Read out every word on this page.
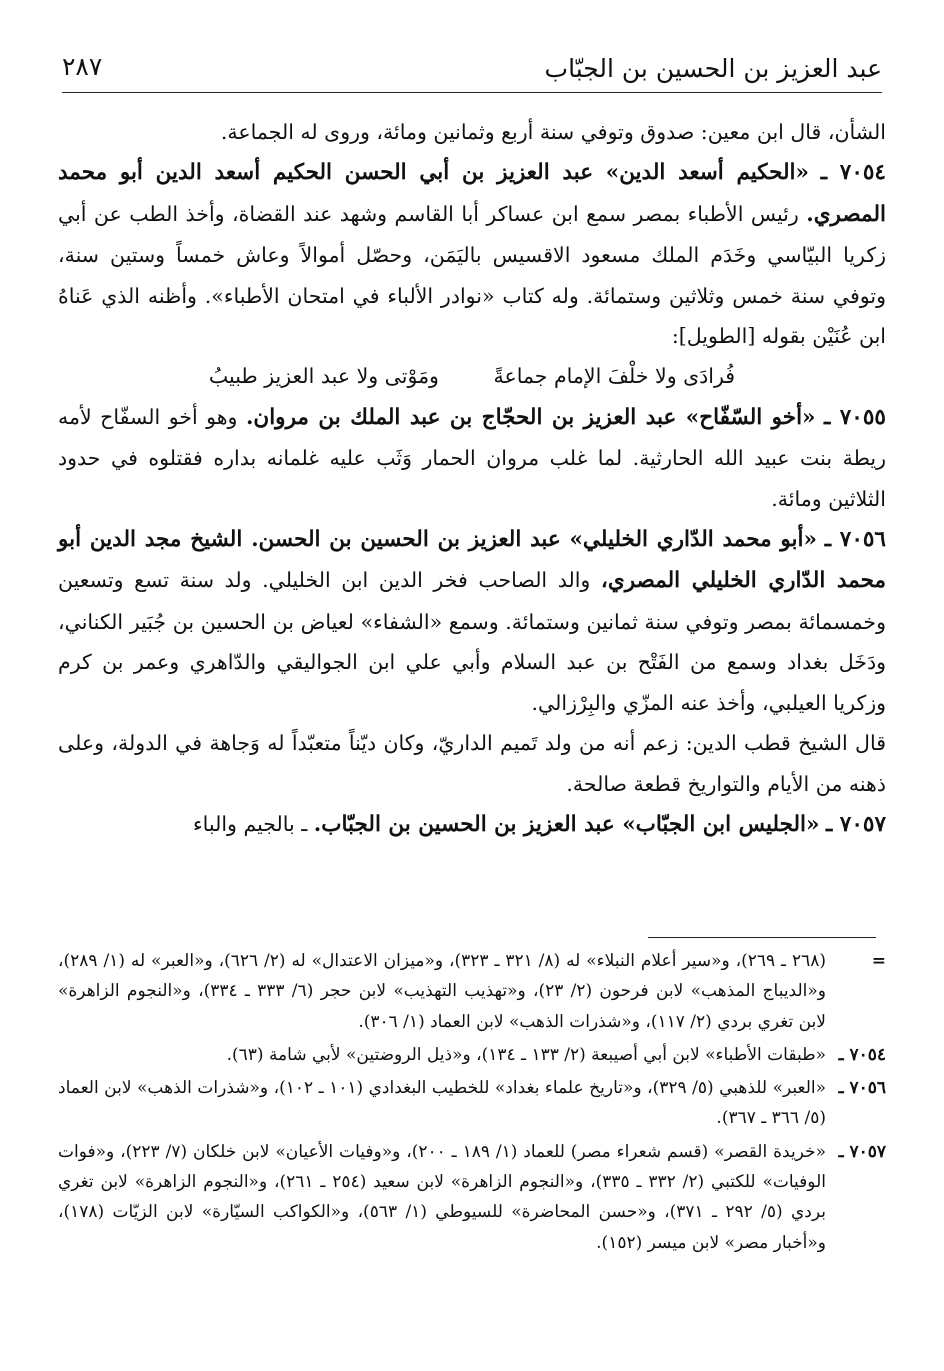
عبد العزيز بن الحسين بن الجبّاب
٢٨٧

الشأن، قال ابن معين: صدوق وتوفي سنة أربع وثمانين ومائة، وروى له الجماعة.

٧٠٥٤ ـ «الحكيم أسعد الدين» عبد العزيز بن أبي الحسن الحكيم أسعد الدين أبو محمد المصري. رئيس الأطباء بمصر سمع ابن عساكر أبا القاسم وشهد عند القضاة، وأخذ الطب عن أبي زكريا البيّاسي وخَدَم الملك مسعود الاقسيس باليَمَن، وحصّل أموالاً وعاش خمساً وستين سنة، وتوفي سنة خمس وثلاثين وستمائة. وله كتاب «نوادر الألباء في امتحان الأطباء». وأظنه الذي عَناهُ ابن عُنَيْن بقوله [الطويل]:

فُرادَى ولا خلْفَ الإمام جماعةً ومَوْتى ولا عبد العزيز طبيبُ

٧٠٥٥ ـ «أخو السّفّاح» عبد العزيز بن الحجّاج بن عبد الملك بن مروان. وهو أخو السفّاح لأمه ريطة بنت عبيد الله الحارثية. لما غلب مروان الحمار وَثَب عليه غلمانه بداره فقتلوه في حدود الثلاثين ومائة.

٧٠٥٦ ـ «أبو محمد الدّاري الخليلي» عبد العزيز بن الحسين بن الحسن. الشيخ مجد الدين أبو محمد الدّاري الخليلي المصري، والد الصاحب فخر الدين ابن الخليلي. ولد سنة تسع وتسعين وخمسمائة بمصر وتوفي سنة ثمانين وستمائة. وسمع «الشفاء» لعياض بن الحسين بن جُبَير الكناني، ودَخَل بغداد وسمع من الفَتْح بن عبد السلام وأبي علي ابن الجواليقي والدّاهري وعمر بن كرم وزكريا العيلبي، وأخذ عنه المزّي والبِرْزالي.

قال الشيخ قطب الدين: زعم أنه من ولد تَميم الداريّ، وكان ديّناً متعبّداً له وَجاهة في الدولة، وعلى ذهنه من الأيام والتواريخ قطعة صالحة.

٧٠٥٧ ـ «الجليس ابن الجبّاب» عبد العزيز بن الحسين بن الجبّاب. ـ بالجيم والباء

=
(٢٦٨ ـ ٢٦٩)، و«سير أعلام النبلاء» له (٨/ ٣٢١ ـ ٣٢٣)، و«ميزان الاعتدال» له (٢/ ٦٢٦)، و«العبر» له (١/ ٢٨٩)، و«الديباج المذهب» لابن فرحون (٢/ ٢٣)، و«تهذيب التهذيب» لابن حجر (٦/ ٣٣٣ ـ ٣٣٤)، و«النجوم الزاهرة» لابن تغري بردي (٢/ ١١٧)، و«شذرات الذهب» لابن العماد (١/ ٣٠٦).
٧٠٥٤ ـ
«طبقات الأطباء» لابن أبي أصيبعة (٢/ ١٣٣ ـ ١٣٤)، و«ذيل الروضتين» لأبي شامة (٦٣).
٧٠٥٦ ـ
«العبر» للذهبي (٥/ ٣٢٩)، و«تاريخ علماء بغداد» للخطيب البغدادي (١٠١ ـ ١٠٢)، و«شذرات الذهب» لابن العماد (٥/ ٣٦٦ ـ ٣٦٧).
٧٠٥٧ ـ
«خريدة القصر» (قسم شعراء مصر) للعماد (١/ ١٨٩ ـ ٢٠٠)، و«وفيات الأعيان» لابن خلكان (٧/ ٢٢٣)، و«فوات الوفيات» للكتبي (٢/ ٣٣٢ ـ ٣٣٥)، و«النجوم الزاهرة» لابن سعيد (٢٥٤ ـ ٢٦١)، و«النجوم الزاهرة» لابن تغري بردي (٥/ ٢٩٢ ـ ٣٧١)، و«حسن المحاضرة» للسيوطي (١/ ٥٦٣)، و«الكواكب السيّارة» لابن الزيّات (١٧٨)، و«أخبار مصر» لابن ميسر (١٥٢).
